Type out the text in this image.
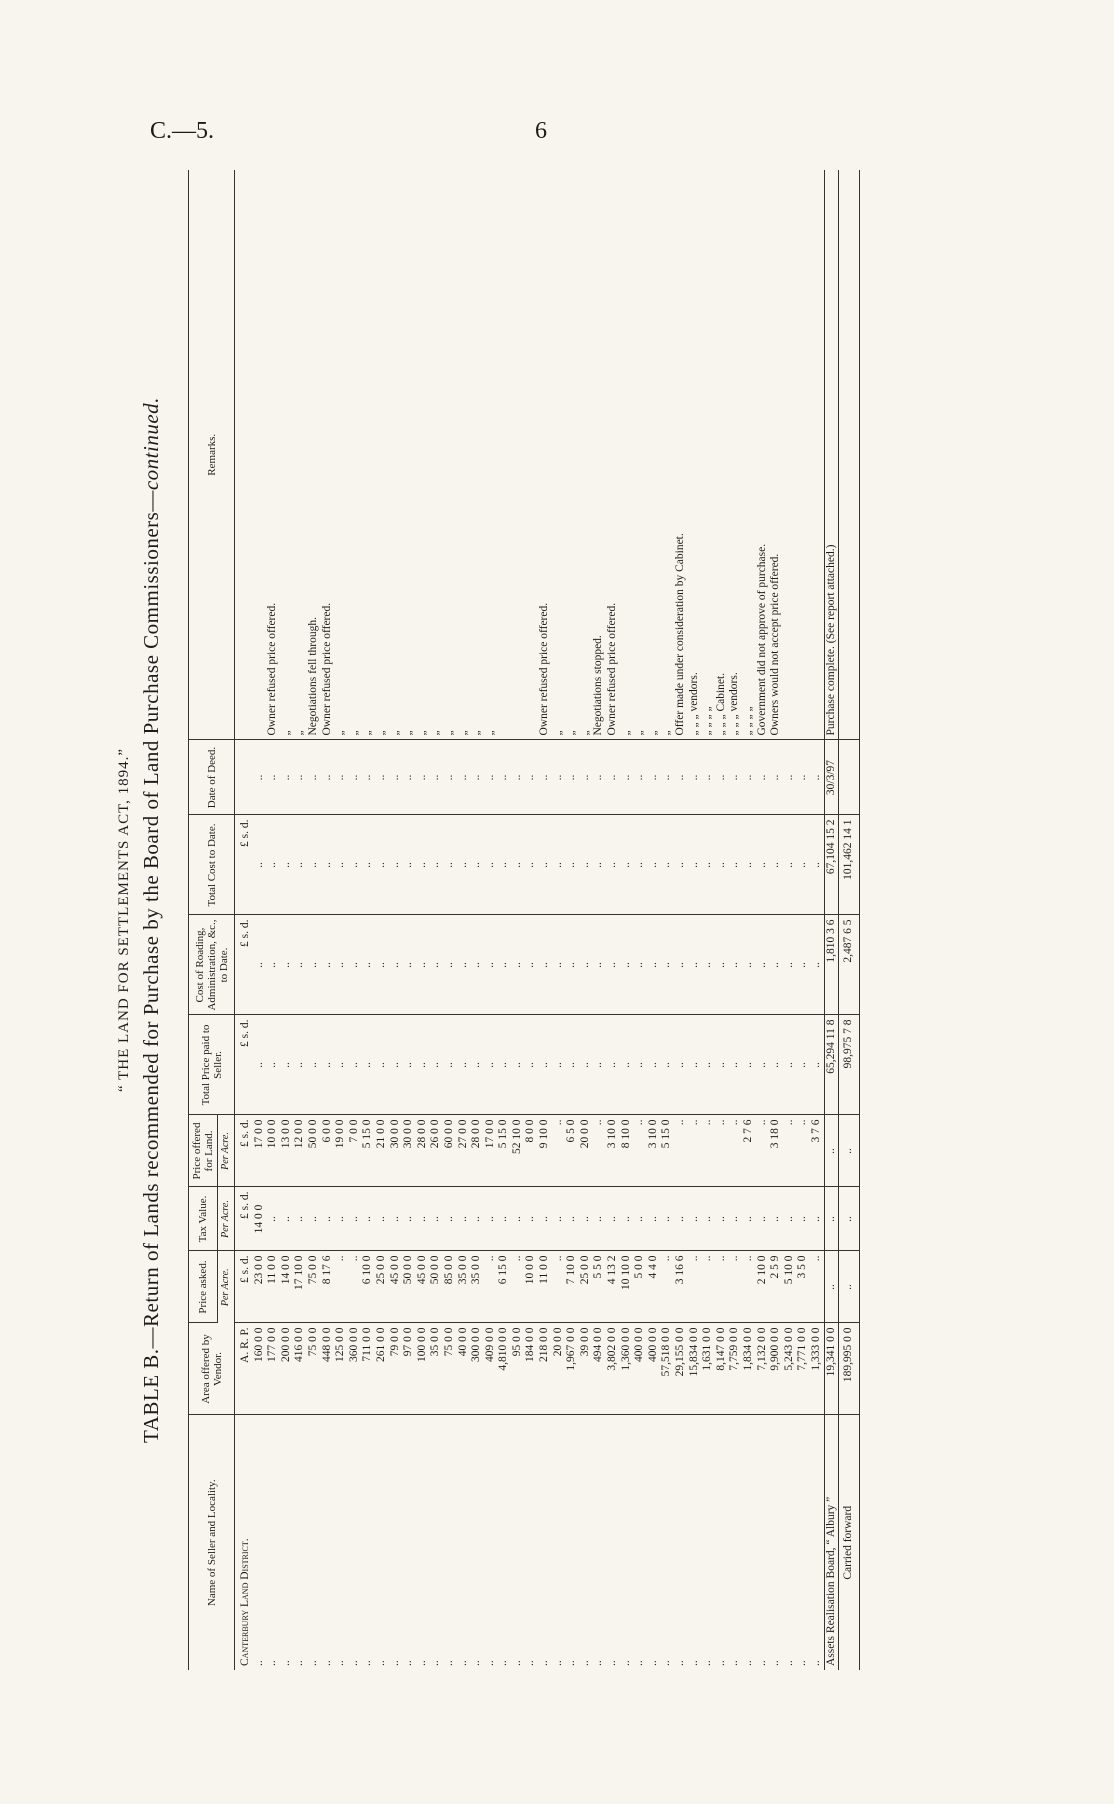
C.—5.	6
“ THE LAND FOR SETTLEMENTS ACT, 1894.” TABLE B.—Return of Lands recommended for Purchase by the Board of Land Purchase Commissioners—continued.
Name of Seller and Locality.	Area offered by Vendor.	Price asked.	Tax Value.	Price offered for Land.	Total Price paid to Seller.	Cost of Roading, Administration, &c., to Date.	Total Cost to Date.	Date of Deed.	Remarks.
		Per Acre.	Per Acre.	Per Acre.					
Canterbury Land District.	A. R. P.	£ s. d.	£ s. d.	£ s. d.	£ s. d.	£ s. d.	£ s. d.		
..	160 0 0	23 0 0	14 0 0	17 0 0	..	..	..	..	
..	177 0 0	11 0 0	..	10 0 0	..	..	..	..	Owner refused price offered.
..	200 0 0	14 0 0	..	13 0 0	..	..	..	..	„
..	416 0 0	17 10 0	..	12 0 0	..	..	..	..	„
..	75 0 0	75 0 0	..	50 0 0	..	..	..	..	Negotiations fell through.
..	448 0 0	8 17 6	..	6 0 0	..	..	..	..	Owner refused price offered.
..	125 0 0	..	..	19 0 0	..	..	..	..	„
..	360 0 0	..	..	7 0 0	..	..	..	..	„
..	711 0 0	6 10 0	..	5 15 0	..	..	..	..	„
..	261 0 0	25 0 0	..	21 0 0	..	..	..	..	„
..	79 0 0	45 0 0	..	30 0 0	..	..	..	..	„
..	97 0 0	50 0 0	..	30 0 0	..	..	..	..	„
..	100 0 0	45 0 0	..	28 0 0	..	..	..	..	„
..	35 0 0	50 0 0	..	26 0 0	..	..	..	..	„
..	75 0 0	85 0 0	..	60 0 0	..	..	..	..	„
..	40 0 0	35 0 0	..	27 0 0	..	..	..	..	„
..	300 0 0	35 0 0	..	28 0 0	..	..	..	..	„
..	409 0 0	..	..	17 0 0	..	..	..	..	„
..	4,810 0 0	6 15 0	..	5 15 0	..	..	..	..	
..	95 0 0	..	..	52 10 0	..	..	..	..	
..	184 0 0	10 0 0	..	8 0 0	..	..	..	..	
..	218 0 0	11 0 0	..	9 10 0	..	..	..	..	Owner refused price offered.
..	20 0 0	..	..	..	..	..	..	..	„
..	1,967 0 0	7 10 0	..	6 5 0	..	..	..	..	„
..	39 0 0	25 0 0	..	20 0 0	..	..	..	..	„
..	494 0 0	5 5 0	..	..	..	..	..	..	Negotiations stopped.
..	3,802 0 0	4 13 2	..	3 10 0	..	..	..	..	Owner refused price offered.
..	1,360 0 0	10 10 0	..	8 10 0	..	..	..	..	„
..	400 0 0	5 0 0	..	..	..	..	..	..	„
..	400 0 0	4 4 0	..	3 10 0	..	..	..	..	„
..	57,518 0 0	..	..	5 15 0	..	..	..	..	„
..	29,155 0 0	3 16 6	..	..	..	..	..	..	Offer made under consideration by Cabinet.
..	15,834 0 0	..	..	..	..	..	..	..	„ „ „ vendors.
..	1,631 0 0	..	..	..	..	..	..	..	„ „ „ „
..	8,147 0 0	..	..	..	..	..	..	..	„ „ „ Cabinet.
..	7,759 0 0	..	..	..	..	..	..	..	„ „ „ vendors.
..	1,834 0 0	..	..	2 7 6	..	..	..	..	„ „ „ „
..	7,132 0 0	2 10 0	..	..	..	..	..	..	Government did not approve of purchase.
..	9,900 0 0	2 5 9	..	3 18 0	..	..	..	..	Owners would not accept price offered.
..	5,243 0 0	5 10 0	..	..	..	..	..	..	
..	7,771 0 0	3 5 0	..	..	..	..	..	..	
..	1,333 0 0	..	..	3 7 6	..	..	..	..	
Assets Realisation Board, “ Albury ”	19,341 0 0	..	..	..	65,294 11 8	1,810 3 6	67,104 15 2	30/3/97	Purchase complete. (See report attached.)
Carried forward	189,995 0 0	..	..	..	98,975 7 8	2,487 6 5	101,462 14 1		
